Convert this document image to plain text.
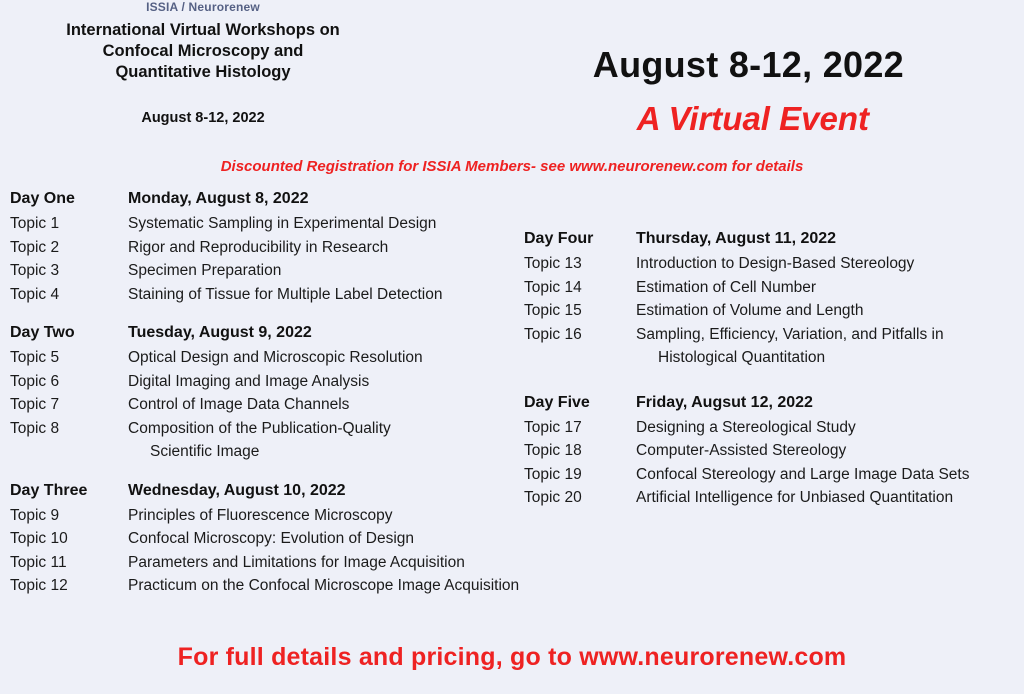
ISSIA / Neurorenew
International Virtual Workshops on
Confocal Microscopy and
Quantitative Histology
August 8-12, 2022
August 8-12, 2022
A Virtual Event
Discounted Registration for ISSIA Members- see www.neurorenew.com for details
Day One	Monday, August 8, 2022
Topic 1	Systematic Sampling in Experimental Design
Topic 2	Rigor and Reproducibility in Research
Topic 3	Specimen Preparation
Topic 4	Staining of Tissue for Multiple Label Detection
Day Two	Tuesday, August 9, 2022
Topic 5	Optical Design and Microscopic Resolution
Topic 6	Digital Imaging and Image Analysis
Topic 7	Control of Image Data Channels
Topic 8	Composition of the Publication-Quality
Scientific Image
Day Three	Wednesday, August 10, 2022
Topic 9	Principles of Fluorescence Microscopy
Topic 10	Confocal Microscopy: Evolution of Design
Topic 11	Parameters and Limitations for Image Acquisition
Topic 12	Practicum on the Confocal Microscope Image Acquisition
Day Four	Thursday, August 11, 2022
Topic 13	Introduction to Design-Based Stereology
Topic 14	Estimation of Cell Number
Topic 15	Estimation of Volume and Length
Topic 16	Sampling, Efficiency, Variation, and Pitfalls in
Histological Quantitation
Day Five	Friday, Augsut 12, 2022
Topic 17	Designing a Stereological Study
Topic 18	Computer-Assisted Stereology
Topic 19	Confocal Stereology and Large Image Data Sets
Topic 20	Artificial Intelligence for Unbiased Quantitation
For full details and pricing, go to www.neurorenew.com
